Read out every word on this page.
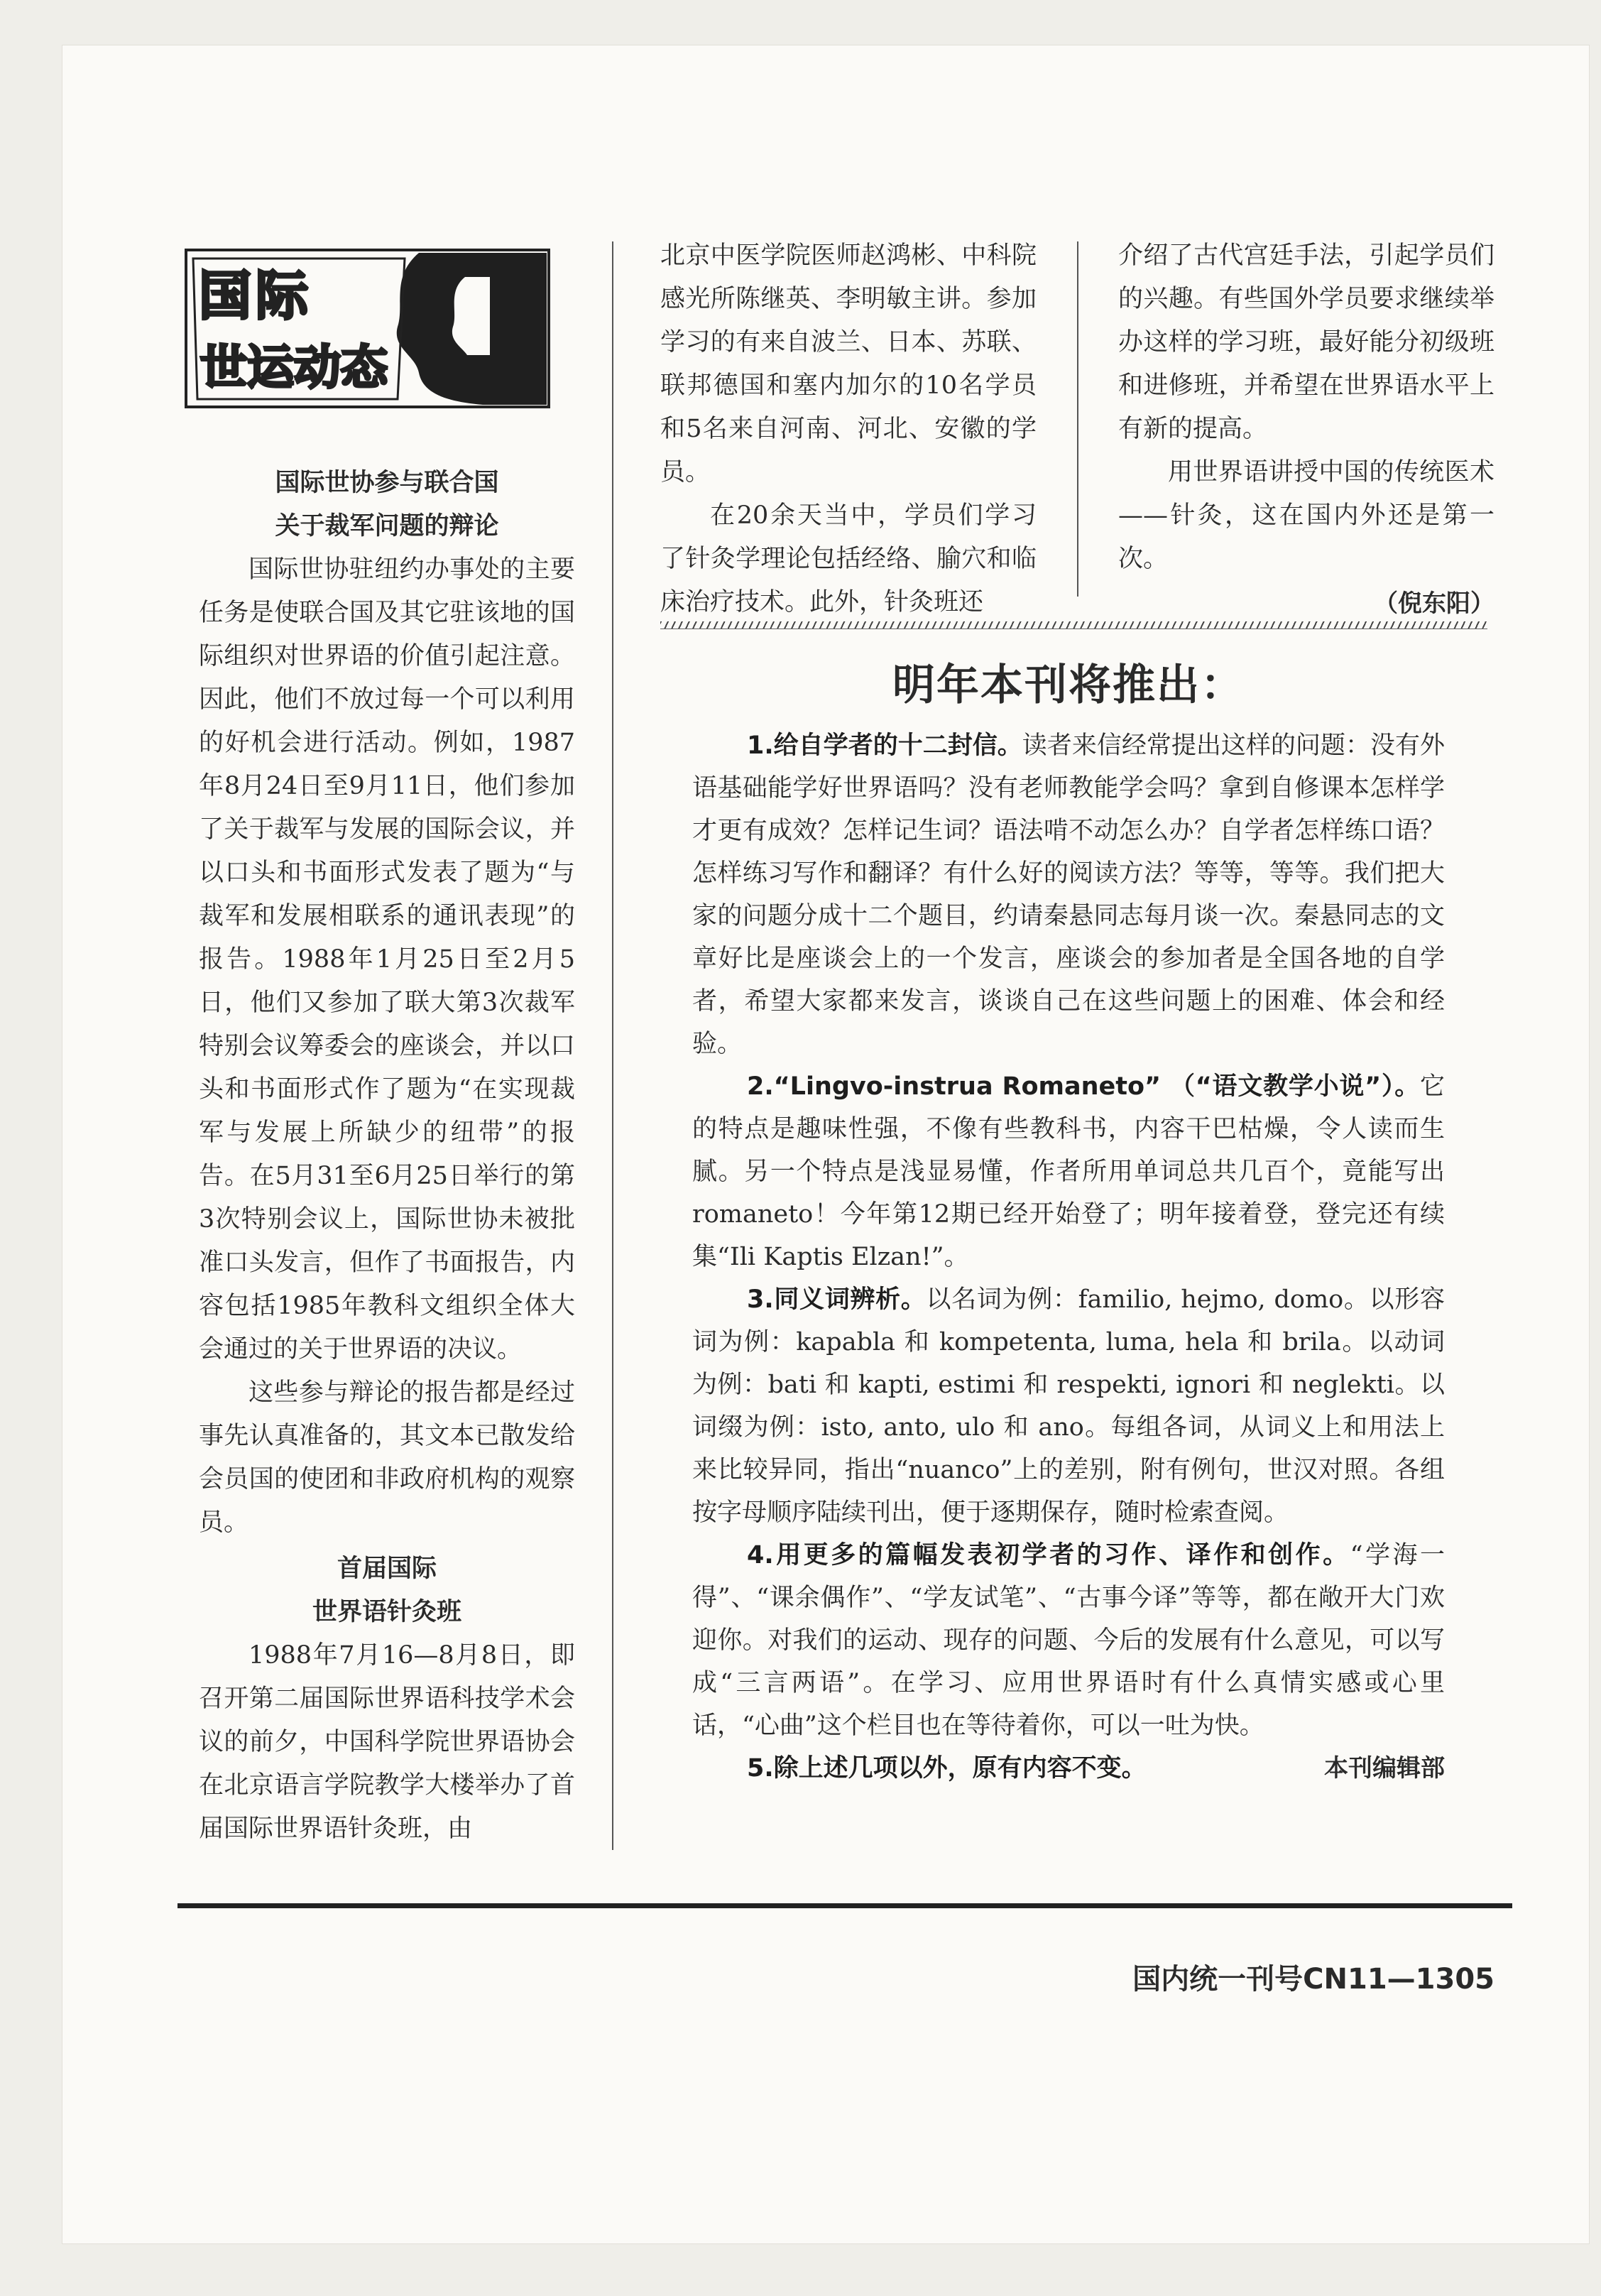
国际
世运动态

国际世协参与联合国

关于裁军问题的辩论

国际世协驻纽约办事处的主要任务是使联合国及其它驻该地的国际组织对世界语的价值引起注意。因此，他们不放过每一个可以利用的好机会进行活动。例如，1987年8月24日至9月11日，他们参加了关于裁军与发展的国际会议，并以口头和书面形式发表了题为“与裁军和发展相联系的通讯表现”的报告。1988年1月25日至2月5日，他们又参加了联大第3次裁军特别会议筹委会的座谈会，并以口头和书面形式作了题为“在实现裁军与发展上所缺少的纽带”的报告。在5月31至6月25日举行的第3次特别会议上，国际世协未被批准口头发言，但作了书面报告，内容包括1985年教科文组织全体大会通过的关于世界语的决议。

这些参与辩论的报告都是经过事先认真准备的，其文本已散发给会员国的使团和非政府机构的观察员。

首届国际

世界语针灸班

1988年7月16—8月8日，即召开第二届国际世界语科技学术会议的前夕，中国科学院世界语协会在北京语言学院教学大楼举办了首届国际世界语针灸班，由

北京中医学院医师赵鸿彬、中科院感光所陈继英、李明敏主讲。参加学习的有来自波兰、日本、苏联、联邦德国和塞内加尔的10名学员和5名来自河南、河北、安徽的学员。

在20余天当中，学员们学习了针灸学理论包括经络、腧穴和临床治疗技术。此外，针灸班还

介绍了古代宫廷手法，引起学员们的兴趣。有些国外学员要求继续举办这样的学习班，最好能分初级班和进修班，并希望在世界语水平上有新的提高。

用世界语讲授中国的传统医术——针灸，这在国内外还是第一次。

（倪东阳）

明年本刊将推出：

1.给自学者的十二封信。读者来信经常提出这样的问题：没有外语基础能学好世界语吗？没有老师教能学会吗？拿到自修课本怎样学才更有成效？怎样记生词？语法啃不动怎么办？自学者怎样练口语？怎样练习写作和翻译？有什么好的阅读方法？等等，等等。我们把大家的问题分成十二个题目，约请秦悬同志每月谈一次。秦悬同志的文章好比是座谈会上的一个发言，座谈会的参加者是全国各地的自学者，希望大家都来发言，谈谈自己在这些问题上的困难、体会和经验。

2.“Lingvo-instrua Romaneto” （“语文教学小说”）。它的特点是趣味性强，不像有些教科书，内容干巴枯燥，令人读而生腻。另一个特点是浅显易懂，作者所用单词总共几百个，竟能写出 romaneto！今年第12期已经开始登了；明年接着登，登完还有续集“Ili Kaptis Elzan!”。

3.同义词辨析。以名词为例：familio, hejmo, domo。以形容词为例：kapabla 和 kompetenta, luma, hela 和 brila。以动词为例：bati 和 kapti, estimi 和 respekti, ignori 和 neglekti。以词缀为例：isto, anto, ulo 和 ano。每组各词，从词义上和用法上来比较异同，指出“nuanco”上的差别，附有例句，世汉对照。各组按字母顺序陆续刊出，便于逐期保存，随时检索查阅。

4.用更多的篇幅发表初学者的习作、译作和创作。“学海一得”、“课余偶作”、“学友试笔”、“古事今译”等等，都在敞开大门欢迎你。对我们的运动、现存的问题、今后的发展有什么意见，可以写成“三言两语”。在学习、应用世界语时有什么真情实感或心里话，“心曲”这个栏目也在等待着你，可以一吐为快。

5.除上述几项以外，原有内容不变。	本刊编辑部

国内统一刊号CN11—1305
